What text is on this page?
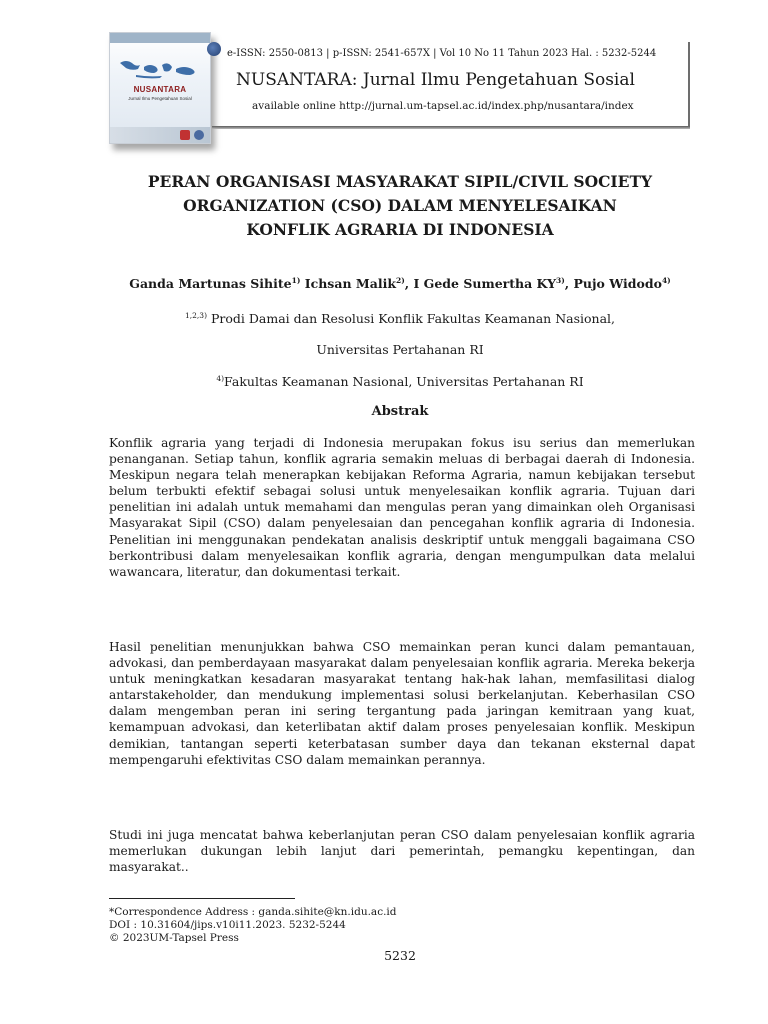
NUSANTARA
Jurnal Ilmu Pengetahuan Sosial
e-ISSN: 2550-0813 | p-ISSN: 2541-657X | Vol 10 No 11 Tahun 2023 Hal. : 5232-5244
NUSANTARA: Jurnal Ilmu Pengetahuan Sosial
available online http://jurnal.um-tapsel.ac.id/index.php/nusantara/index
PERAN ORGANISASI MASYARAKAT SIPIL/CIVIL SOCIETY
ORGANIZATION (CSO) DALAM MENYELESAIKAN
KONFLIK AGRARIA DI INDONESIA
Ganda Martunas Sihite$^{1)}$ Ichsan Malik$^{2)}$, I Gede Sumertha KY$^{3)}$, Pujo Widodo$^{4)}$
$^{1,2,3)}$ Prodi Damai dan Resolusi Konflik Fakultas Keamanan Nasional,
Universitas Pertahanan RI
$^{4)}$Fakultas Keamanan Nasional, Universitas Pertahanan RI
Abstrak
Konflik agraria yang terjadi di Indonesia merupakan fokus isu serius dan memerlukan penanganan. Setiap tahun, konflik agraria semakin meluas di berbagai daerah di Indonesia. Meskipun negara telah menerapkan kebijakan Reforma Agraria, namun kebijakan tersebut belum terbukti efektif sebagai solusi untuk menyelesaikan konflik agraria. Tujuan dari penelitian ini adalah untuk memahami dan mengulas peran yang dimainkan oleh Organisasi Masyarakat Sipil (CSO) dalam penyelesaian dan pencegahan konflik agraria di Indonesia. Penelitian ini menggunakan pendekatan analisis deskriptif untuk menggali bagaimana CSO berkontribusi dalam menyelesaikan konflik agraria, dengan mengumpulkan data melalui wawancara, literatur, dan dokumentasi terkait.
Hasil penelitian menunjukkan bahwa CSO memainkan peran kunci dalam pemantauan, advokasi, dan pemberdayaan masyarakat dalam penyelesaian konflik agraria. Mereka bekerja untuk meningkatkan kesadaran masyarakat tentang hak-hak lahan, memfasilitasi dialog antarstakeholder, dan mendukung implementasi solusi berkelanjutan. Keberhasilan CSO dalam mengemban peran ini sering tergantung pada jaringan kemitraan yang kuat, kemampuan advokasi, dan keterlibatan aktif dalam proses penyelesaian konflik. Meskipun demikian, tantangan seperti keterbatasan sumber daya dan tekanan eksternal dapat mempengaruhi efektivitas CSO dalam memainkan perannya.
Studi ini juga mencatat bahwa keberlanjutan peran CSO dalam penyelesaian konflik agraria memerlukan dukungan lebih lanjut dari pemerintah, pemangku kepentingan, dan masyarakat..
*Correspondence Address : ganda.sihite@kn.idu.ac.id
DOI : 10.31604/jips.v10i11.2023. 5232-5244
© 2023UM-Tapsel Press
5232
